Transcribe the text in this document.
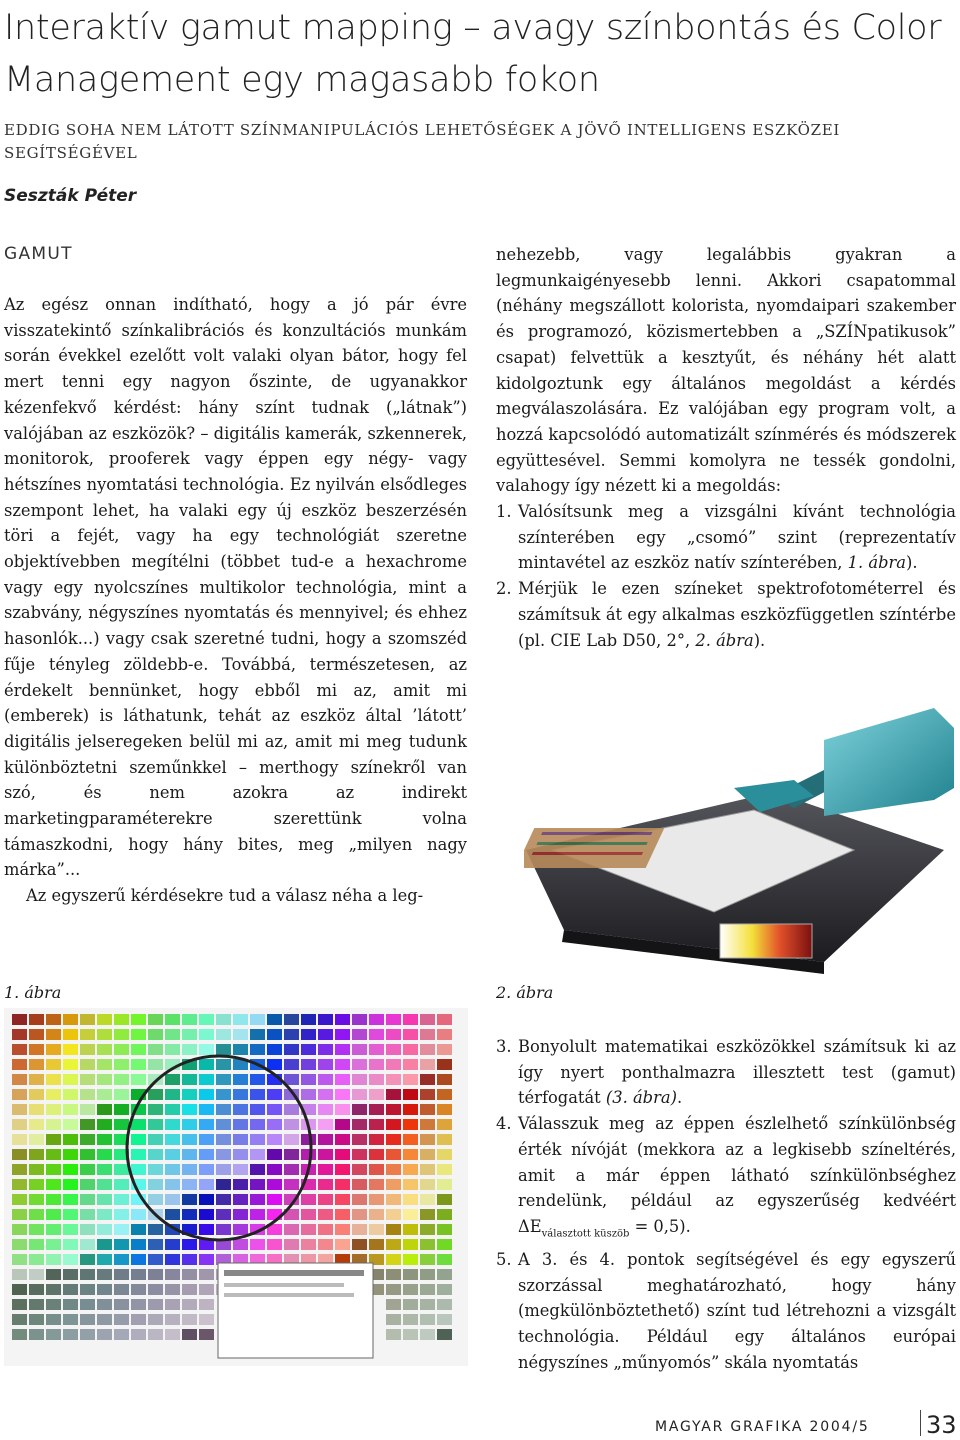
Interaktív gamut mapping – avagy színbontás és Color Management egy magasabb fokon
EDDIG SOHA NEM LÁTOTT SZÍNMANIPULÁCIÓS LEHETŐSÉGEK A JÖVŐ INTELLIGENS ESZKÖZEI SEGÍTSÉGÉVEL
Seszták Péter
GAMUT

Az egész onnan indítható, hogy a jó pár évre visszatekintő színkalibrációs és konzultációs munkám során évekkel ezelőtt volt valaki olyan bátor, hogy fel mert tenni egy nagyon őszinte, de ugyanakkor kézenfekvő kérdést: hány színt tudnak („látnak”) valójában az eszközök? – digitális kamerák, szkennerek, monitorok, prooferek vagy éppen egy négy- vagy hétszínes nyomtatási technológia. Ez nyilván elsődleges szempont lehet, ha valaki egy új eszköz beszerzésén töri a fejét, vagy ha egy technológiát szeretne objektívebben megítélni (többet tud-e a hexachrome vagy egy nyolcszínes multikolor technológia, mint a szabvány, négyszínes nyomtatás és mennyivel; és ehhez hasonlók...) vagy csak szeretné tudni, hogy a szomszéd fűje tényleg zöldebb-e. Továbbá, természetesen, az érdekelt bennünket, hogy ebből mi az, amit mi (emberek) is láthatunk, tehát az eszköz által ’látott’ digitális jelseregeken belül mi az, amit mi meg tudunk különböztetni szeműnkkel – merthogy színekről van szó, és nem azokra az indirekt marketingparaméterekre szerettünk volna támaszkodni, hogy hány bites, meg „milyen nagy márka”...

Az egyszerű kérdésekre tud a válasz néha a leg-

nehezebb, vagy legalábbis gyakran a legmunkaigényesebb lenni. Akkori csapatommal (néhány megszállott kolorista, nyomdaipari szakember és programozó, közismertebben a „SZÍNpatikusok” csapat) felvettük a kesztyűt, és néhány hét alatt kidolgoztunk egy általános megoldást a kérdés megválaszolására. Ez valójában egy program volt, a hozzá kapcsolódó automatizált színmérés és módszerek együttesével. Semmi komolyra ne tessék gondolni, valahogy így nézett ki a megoldás:

1. Valósítsunk meg a vizsgálni kívánt technológia színterében egy „csomó” szint (reprezentatív mintavétel az eszköz natív színterében, 1. ábra).
2. Mérjük le ezen színeket spektrofotométerrel és számítsuk át egy alkalmas eszközfüggetlen színtérbe (pl. CIE Lab D50, 2°, 2. ábra).
1. ábra	2. ábra
3. Bonyolult matematikai eszközökkel számítsuk ki az így nyert ponthalmazra illesztett test (gamut) térfogatát (3. ábra).
4. Válasszuk meg az éppen észlelhető színkülönbség érték nívóját (mekkora az a legkisebb színeltérés, amit a már éppen látható színkülönbséghez rendelünk, például az egyszerűség kedvéért $\Delta E_{választott küszöb} = 0,5$).
5. A 3. és 4. pontok segítségével és egy egyszerű szorzással meghatározható, hogy hány (megkülönböztethető) színt tud létrehozni a vizsgált technológia. Például egy általános európai négyszínes „műnyomós” skála nyomtatás
MAGYAR GRAFIKA 2004/5 33
